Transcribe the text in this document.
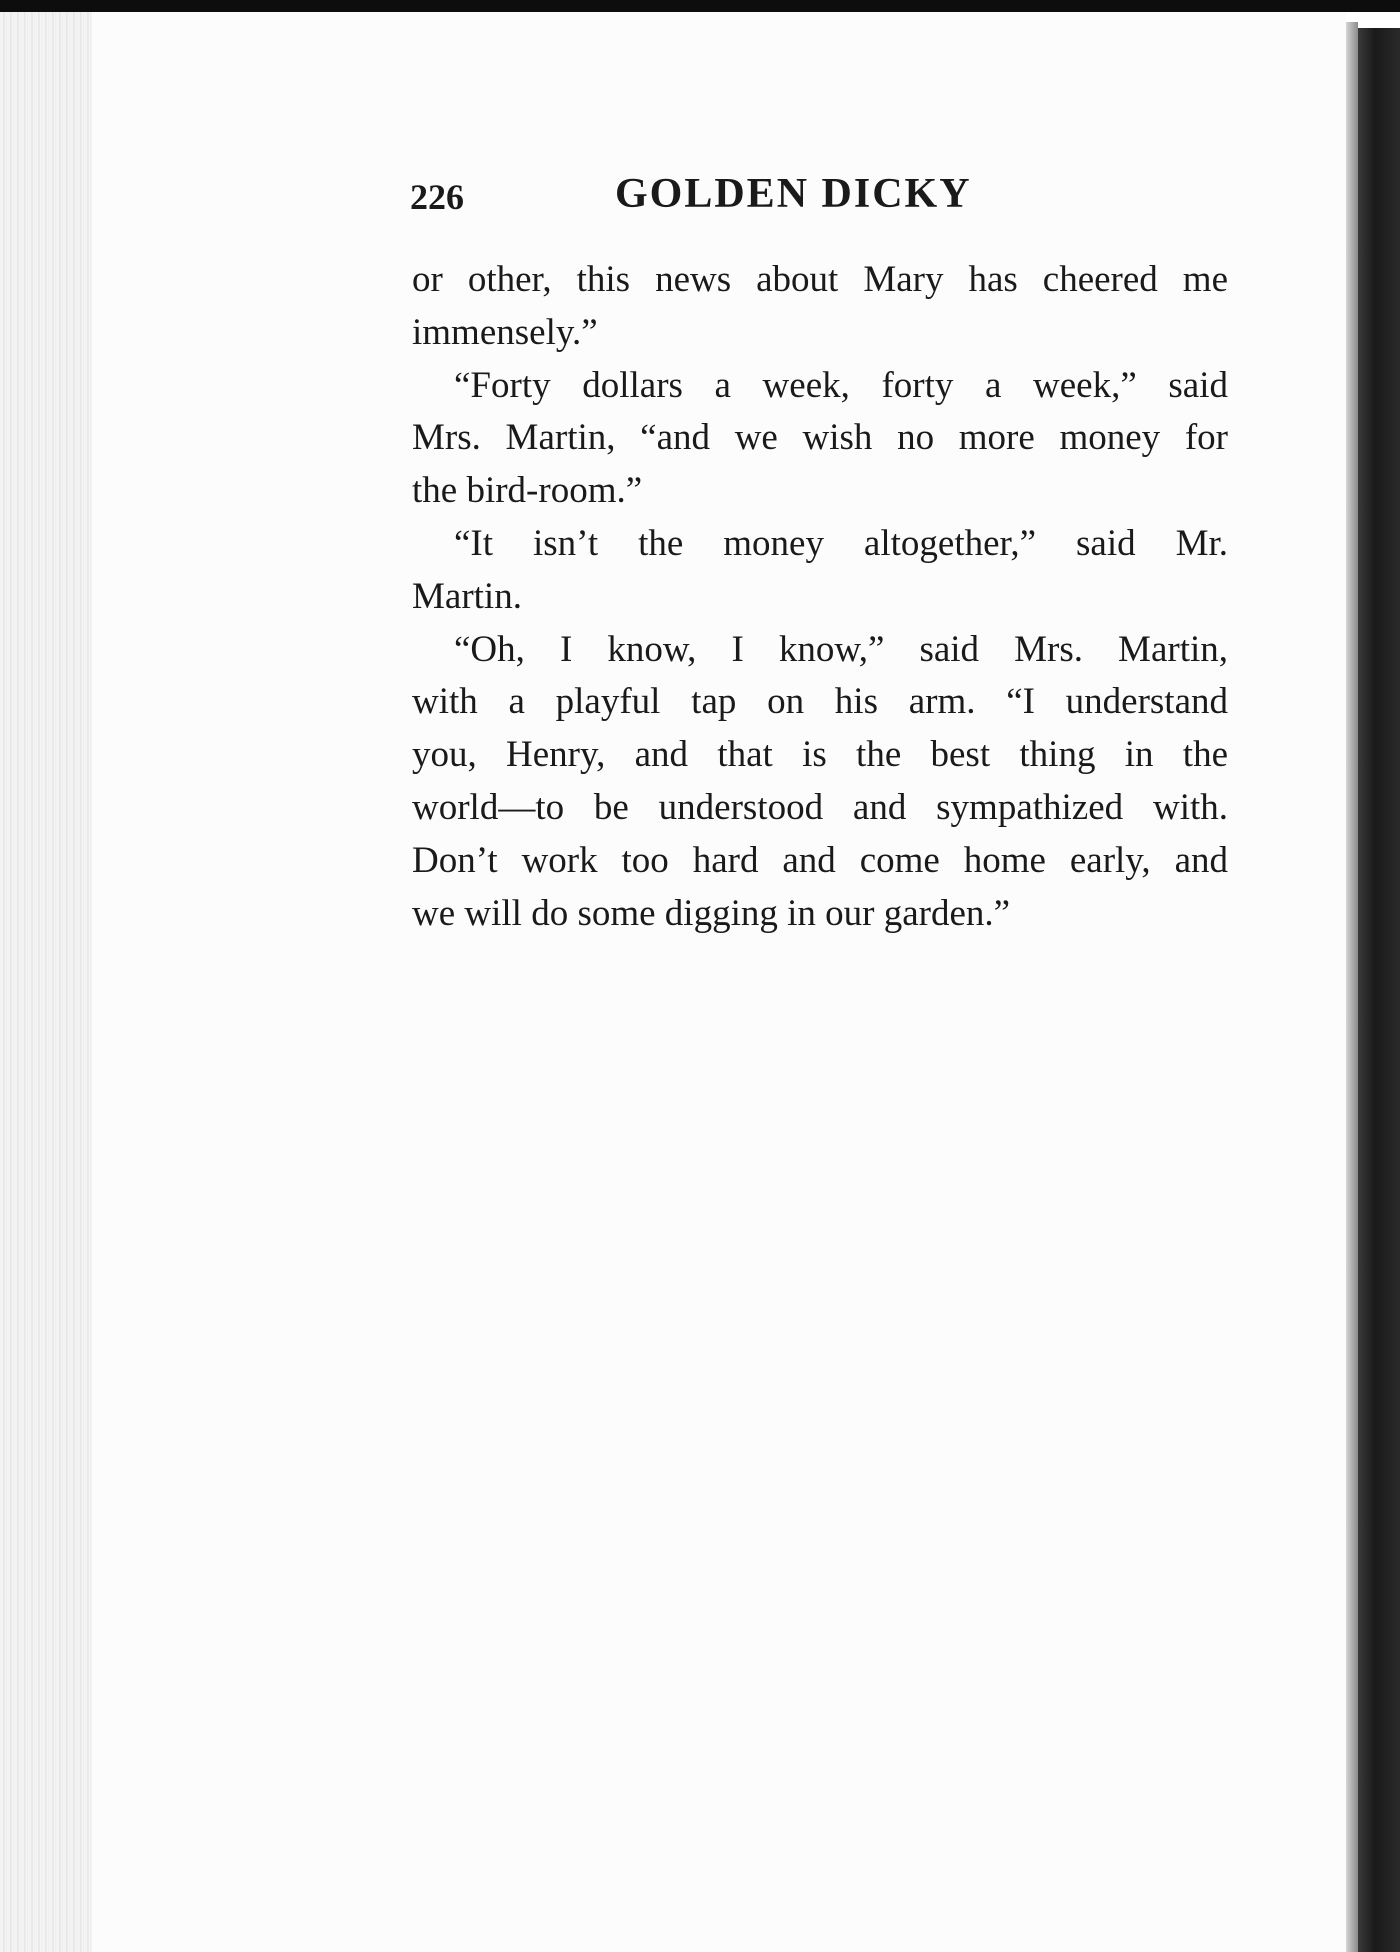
226	GOLDEN DICKY
or other, this news about Mary has cheered me
immensely.”
“Forty dollars a week, forty a week,” said
Mrs. Martin, “and we wish no more money for
the bird-room.”
“It isn’t the money altogether,” said Mr.
Martin.
“Oh, I know, I know,” said Mrs. Martin,
with a playful tap on his arm. “I understand
you, Henry, and that is the best thing in the
world—to be understood and sympathized with.
Don’t work too hard and come home early, and
we will do some digging in our garden.”
